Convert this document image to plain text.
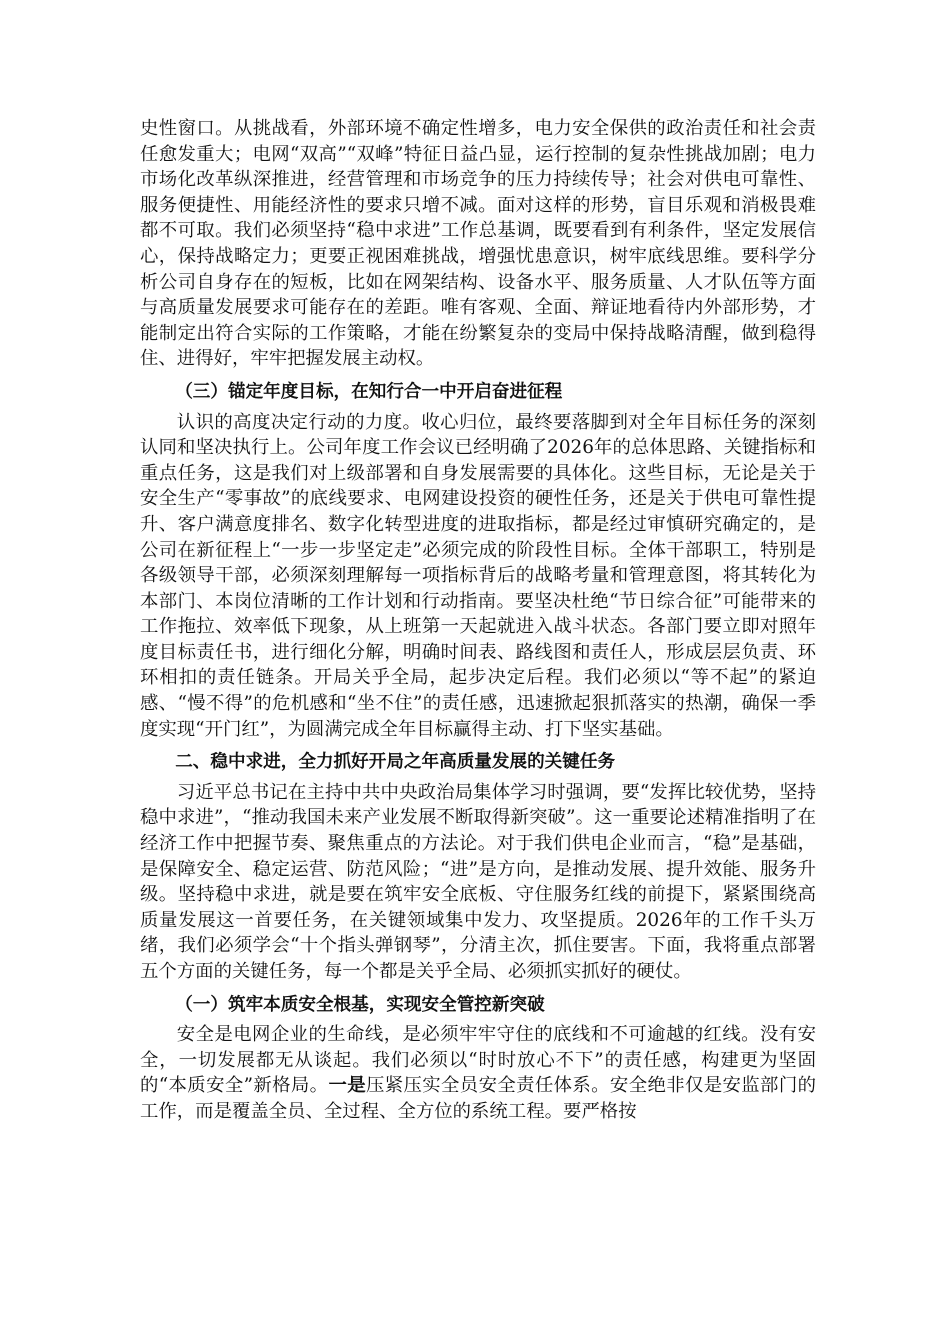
史性窗口。从挑战看，外部环境不确定性增多，电力安全保供的政治责任和社会责任愈发重大；电网“双高”“双峰”特征日益凸显，运行控制的复杂性挑战加剧；电力市场化改革纵深推进，经营管理和市场竞争的压力持续传导；社会对供电可靠性、服务便捷性、用能经济性的要求只增不减。面对这样的形势，盲目乐观和消极畏难都不可取。我们必须坚持“稳中求进”工作总基调，既要看到有利条件，坚定发展信心，保持战略定力；更要正视困难挑战，增强忧患意识，树牢底线思维。要科学分析公司自身存在的短板，比如在网架结构、设备水平、服务质量、人才队伍等方面与高质量发展要求可能存在的差距。唯有客观、全面、辩证地看待内外部形势，才能制定出符合实际的工作策略，才能在纷繁复杂的变局中保持战略清醒，做到稳得住、进得好，牢牢把握发展主动权。

（三）锚定年度目标，在知行合一中开启奋进征程

认识的高度决定行动的力度。收心归位，最终要落脚到对全年目标任务的深刻认同和坚决执行上。公司年度工作会议已经明确了2026年的总体思路、关键指标和重点任务，这是我们对上级部署和自身发展需要的具体化。这些目标，无论是关于安全生产“零事故”的底线要求、电网建设投资的硬性任务，还是关于供电可靠性提升、客户满意度排名、数字化转型进度的进取指标，都是经过审慎研究确定的，是公司在新征程上“一步一步坚定走”必须完成的阶段性目标。全体干部职工，特别是各级领导干部，必须深刻理解每一项指标背后的战略考量和管理意图，将其转化为本部门、本岗位清晰的工作计划和行动指南。要坚决杜绝“节日综合征”可能带来的工作拖拉、效率低下现象，从上班第一天起就进入战斗状态。各部门要立即对照年度目标责任书，进行细化分解，明确时间表、路线图和责任人，形成层层负责、环环相扣的责任链条。开局关乎全局，起步决定后程。我们必须以“等不起”的紧迫感、“慢不得”的危机感和“坐不住”的责任感，迅速掀起狠抓落实的热潮，确保一季度实现“开门红”，为圆满完成全年目标赢得主动、打下坚实基础。

二、稳中求进，全力抓好开局之年高质量发展的关键任务

习近平总书记在主持中共中央政治局集体学习时强调，要“发挥比较优势，坚持稳中求进”，“推动我国未来产业发展不断取得新突破”。这一重要论述精准指明了在经济工作中把握节奏、聚焦重点的方法论。对于我们供电企业而言，“稳”是基础，是保障安全、稳定运营、防范风险；“进”是方向，是推动发展、提升效能、服务升级。坚持稳中求进，就是要在筑牢安全底板、守住服务红线的前提下，紧紧围绕高质量发展这一首要任务，在关键领域集中发力、攻坚提质。2026年的工作千头万绪，我们必须学会“十个指头弹钢琴”，分清主次，抓住要害。下面，我将重点部署五个方面的关键任务，每一个都是关乎全局、必须抓实抓好的硬仗。

（一）筑牢本质安全根基，实现安全管控新突破

安全是电网企业的生命线，是必须牢牢守住的底线和不可逾越的红线。没有安全，一切发展都无从谈起。我们必须以“时时放心不下”的责任感，构建更为坚固的“本质安全”新格局。一是压紧压实全员安全责任体系。安全绝非仅是安监部门的工作，而是覆盖全员、全过程、全方位的系统工程。要严格按
